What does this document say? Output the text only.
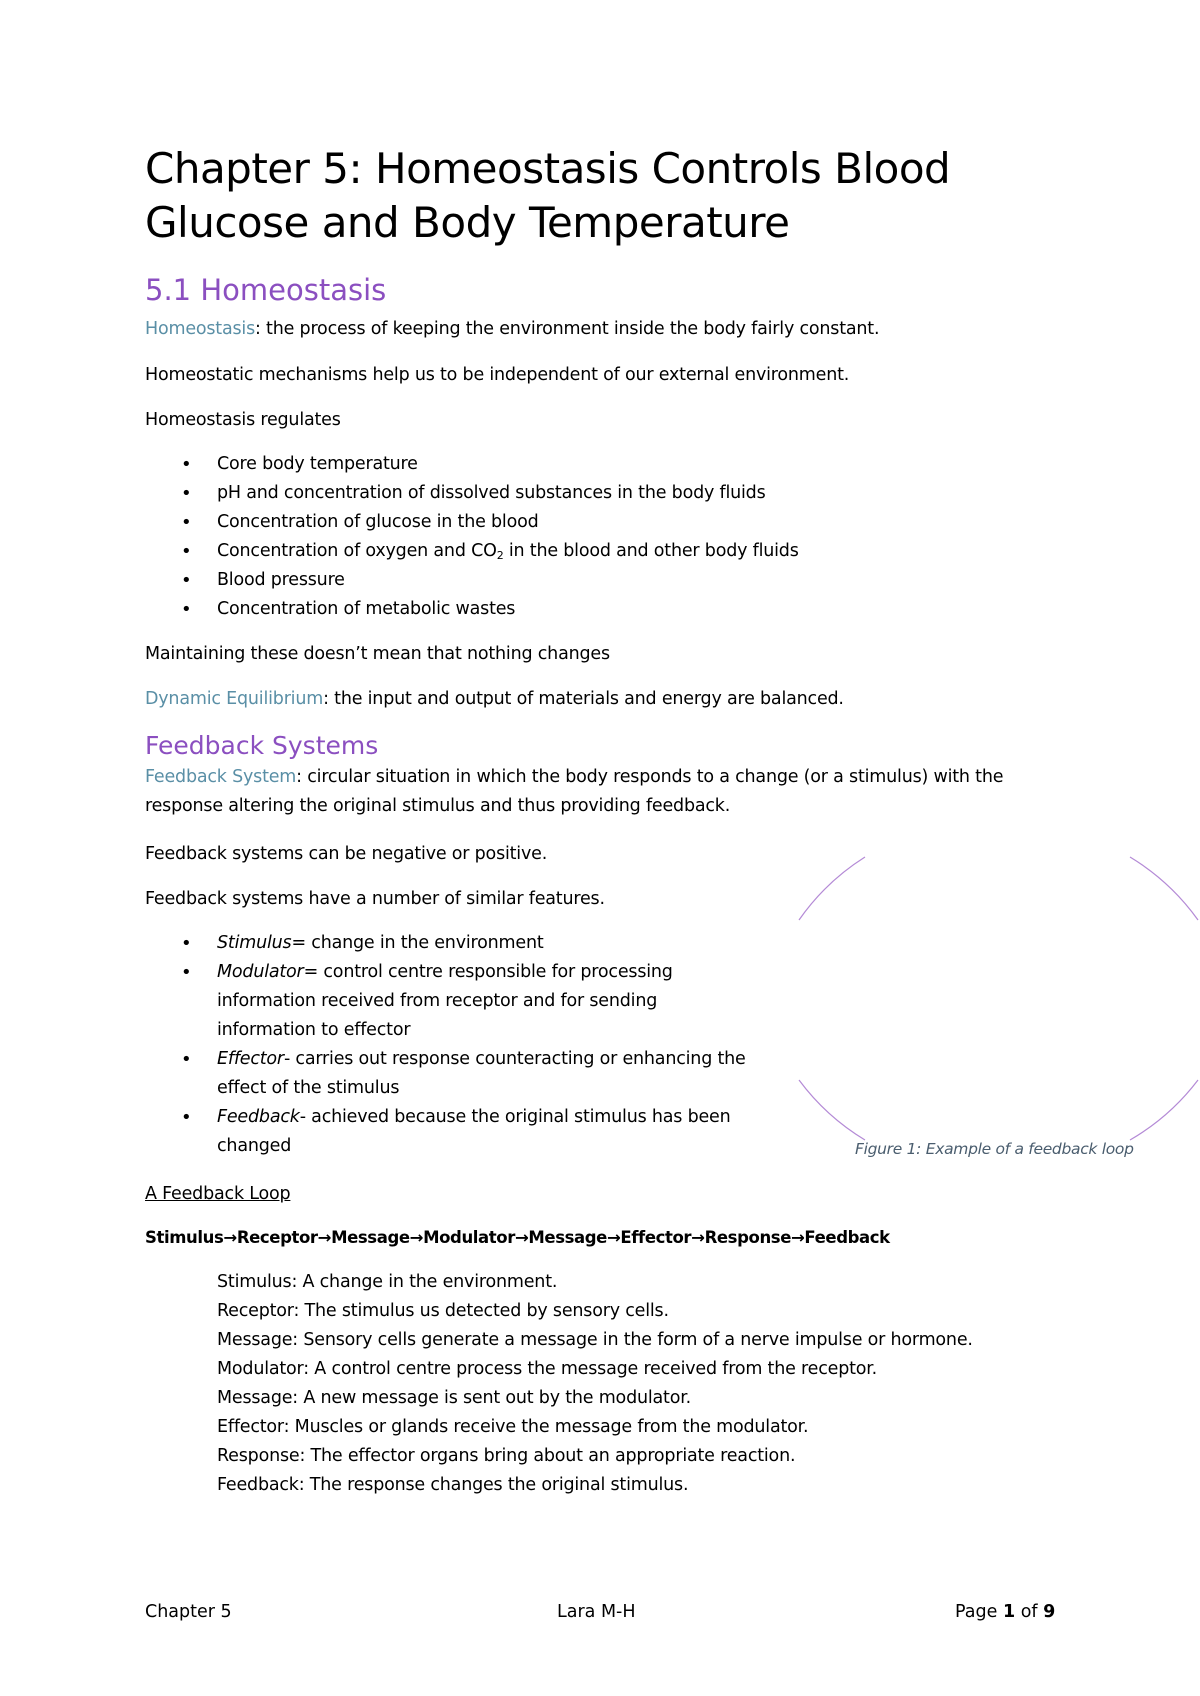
Chapter 5: Homeostasis Controls Blood Glucose and Body Temperature
5.1 Homeostasis

Homeostasis: the process of keeping the environment inside the body fairly constant.

Homeostatic mechanisms help us to be independent of our external environment.

Homeostasis regulates

• Core body temperature
• pH and concentration of dissolved substances in the body fluids
• Concentration of glucose in the blood
• Concentration of oxygen and $CO_2$ in the blood and other body fluids
• Blood pressure
• Concentration of metabolic wastes

Maintaining these doesn’t mean that nothing changes

Dynamic Equilibrium: the input and output of materials and energy are balanced.

Feedback Systems

Feedback System: circular situation in which the body responds to a change (or a stimulus) with the
response altering the original stimulus and thus providing feedback.

Feedback systems can be negative or positive.

Feedback systems have a number of similar features.

• Stimulus= change in the environment
• Modulator= control centre responsible for processing information received from receptor and for sending information to effector
• Effector- carries out response counteracting or enhancing the effect of the stimulus
• Feedback- achieved because the original stimulus has been changed	Figure 1: Example of a feedback loop

A Feedback Loop

Stimulus→Receptor→Message→Modulator→Message→Effector→Response→Feedback

Stimulus: A change in the environment.
Receptor: The stimulus us detected by sensory cells.
Message: Sensory cells generate a message in the form of a nerve impulse or hormone.
Modulator: A control centre process the message received from the receptor.
Message: A new message is sent out by the modulator.
Effector: Muscles or glands receive the message from the modulator.
Response: The effector organs bring about an appropriate reaction.
Feedback: The response changes the original stimulus.
Chapter 5	Lara M-H	Page 1 of 9
